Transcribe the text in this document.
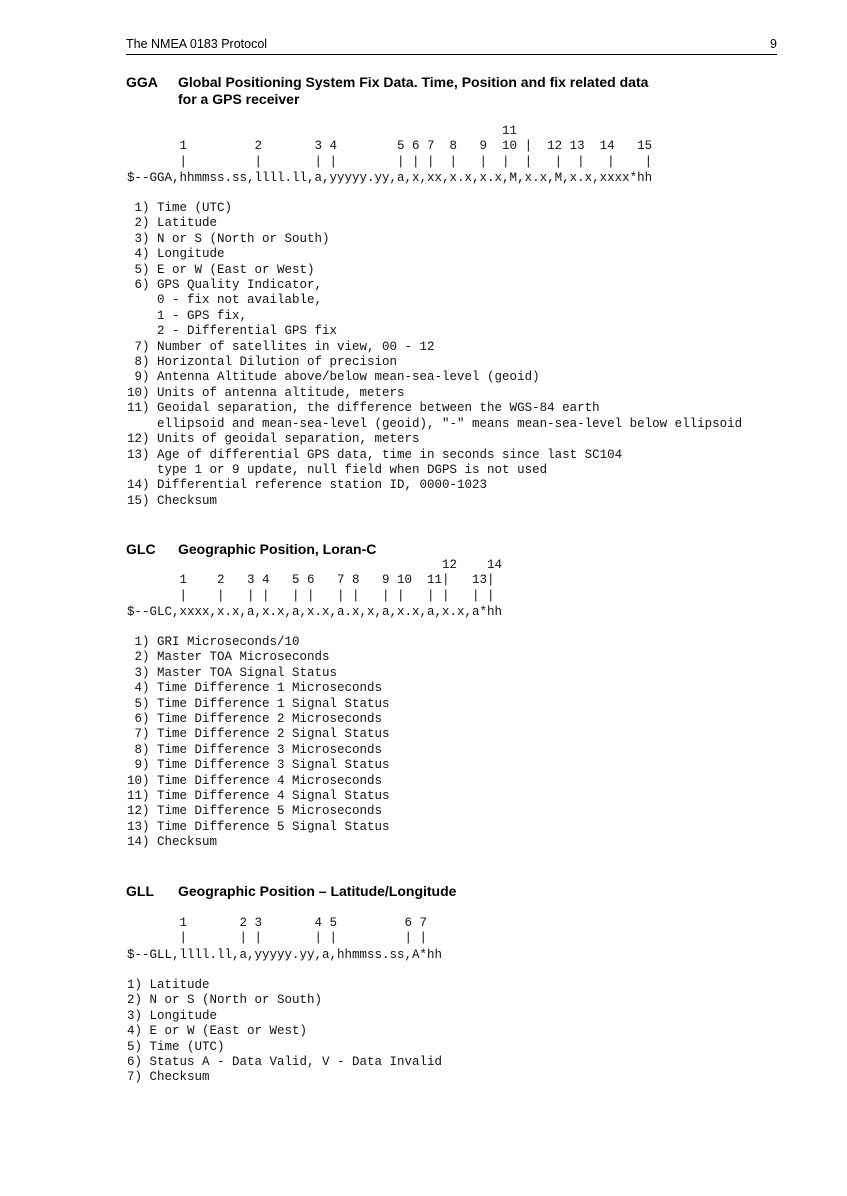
The NMEA 0183 Protocol	9
GGA Global Positioning System Fix Data. Time, Position and fix related data
for a GPS receiver
11
1         2       3 4        5 6 7  8   9  10 |  12 13  14   15
|         |       | |        | | |  |   |  |  |   |  |   |    |
$--GGA,hhmmss.ss,llll.ll,a,yyyyy.yy,a,x,xx,x.x,x.x,M,x.x,M,x.x,xxxx*hh
1) Time (UTC)
2) Latitude
3) N or S (North or South)
4) Longitude
5) E or W (East or West)
6) GPS Quality Indicator,
0 - fix not available,
1 - GPS fix,
2 - Differential GPS fix
7) Number of satellites in view, 00 - 12
8) Horizontal Dilution of precision
9) Antenna Altitude above/below mean-sea-level (geoid)
10) Units of antenna altitude, meters
11) Geoidal separation, the difference between the WGS-84 earth
ellipsoid and mean-sea-level (geoid), "-" means mean-sea-level below ellipsoid
12) Units of geoidal separation, meters
13) Age of differential GPS data, time in seconds since last SC104
type 1 or 9 update, null field when DGPS is not used
14) Differential reference station ID, 0000-1023
15) Checksum
GLC Geographic Position, Loran-C
12    14
1    2   3 4   5 6   7 8   9 10  11|   13|
|    |   | |   | |   | |   | |   | |   | |
$--GLC,xxxx,x.x,a,x.x,a,x.x,a.x,x,a,x.x,a,x.x,a*hh
1) GRI Microseconds/10
2) Master TOA Microseconds
3) Master TOA Signal Status
4) Time Difference 1 Microseconds
5) Time Difference 1 Signal Status
6) Time Difference 2 Microseconds
7) Time Difference 2 Signal Status
8) Time Difference 3 Microseconds
9) Time Difference 3 Signal Status
10) Time Difference 4 Microseconds
11) Time Difference 4 Signal Status
12) Time Difference 5 Microseconds
13) Time Difference 5 Signal Status
14) Checksum
GLL Geographic Position – Latitude/Longitude
1       2 3       4 5         6 7
|       | |       | |         | |
$--GLL,llll.ll,a,yyyyy.yy,a,hhmmss.ss,A*hh
1) Latitude
2) N or S (North or South)
3) Longitude
4) E or W (East or West)
5) Time (UTC)
6) Status A - Data Valid, V - Data Invalid
7) Checksum
